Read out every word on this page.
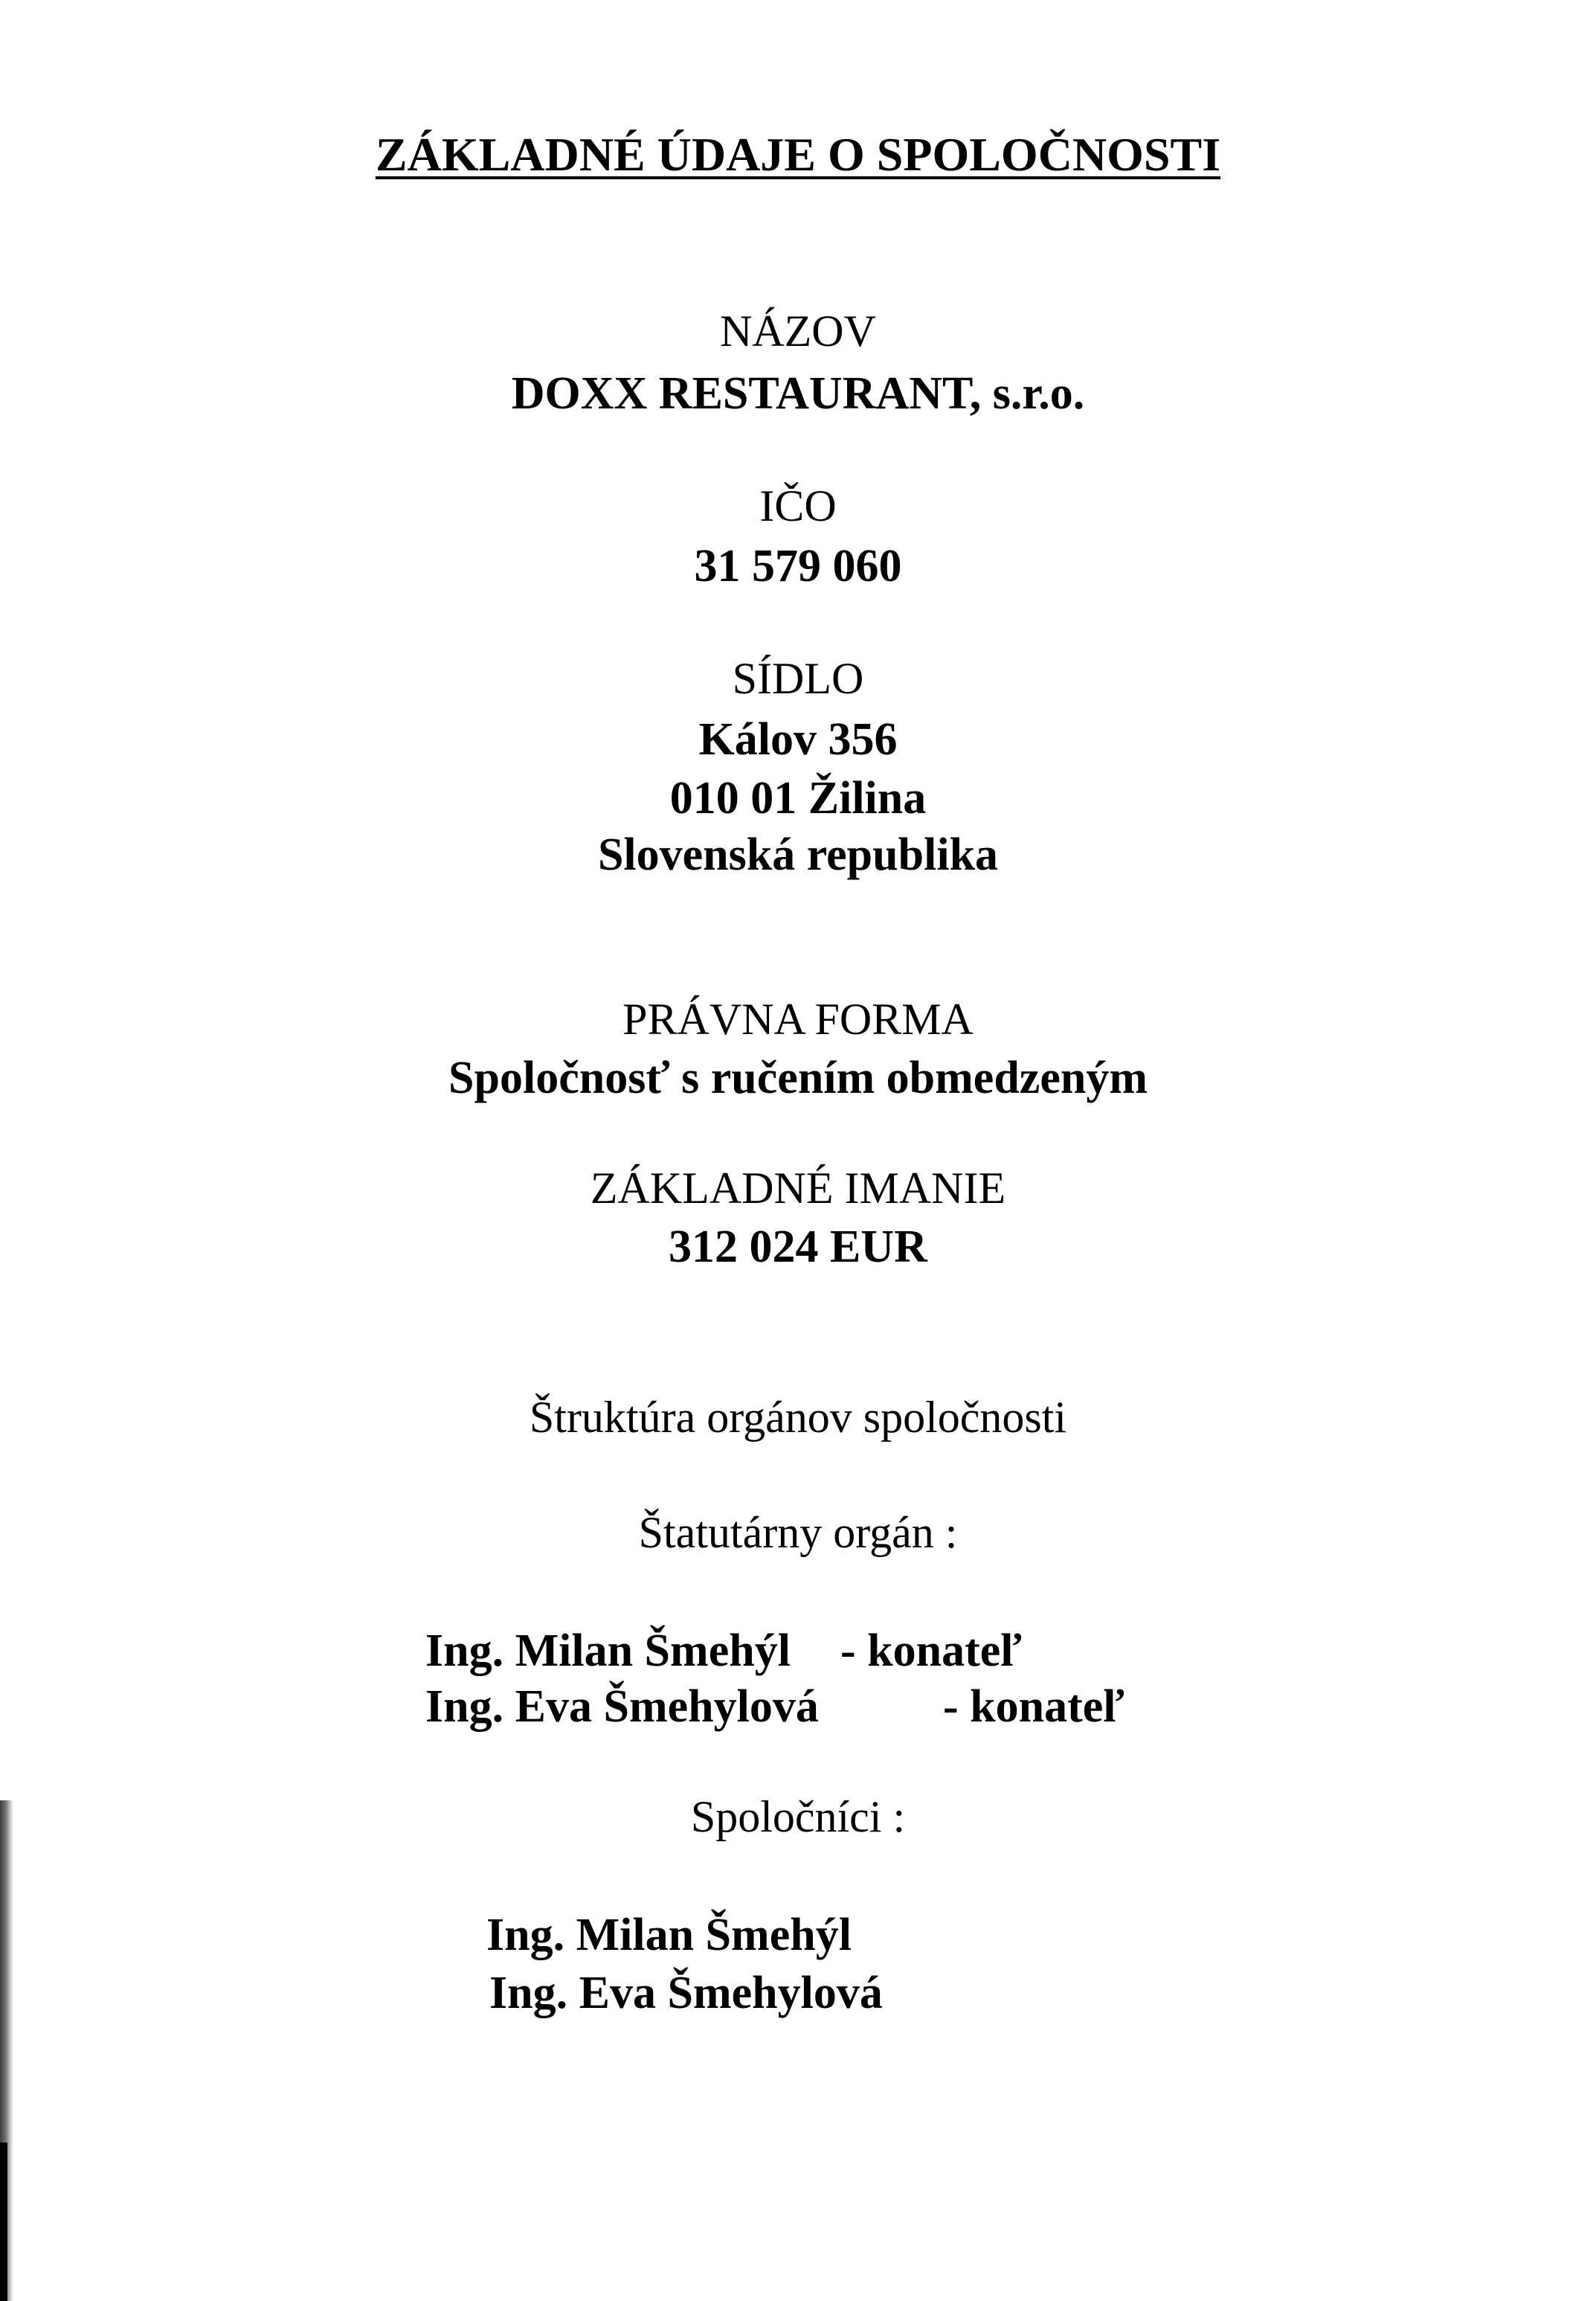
ZÁKLADNÉ ÚDAJE O SPOLOČNOSTI
NÁZOV
DOXX RESTAURANT, s.r.o.
IČO
31 579 060
SÍDLO
Kálov 356
010 01 Žilina
Slovenská republika
PRÁVNA FORMA
Spoločnosť s ručením obmedzeným
ZÁKLADNÉ IMANIE
312 024 EUR
Štruktúra orgánov spoločnosti
Štatutárny orgán :
Ing. Milan Šmehýl - konateľ
Ing. Eva Šmehylová	- konateľ
Spoločníci :
Ing. Milan Šmehýl
Ing. Eva Šmehylová
